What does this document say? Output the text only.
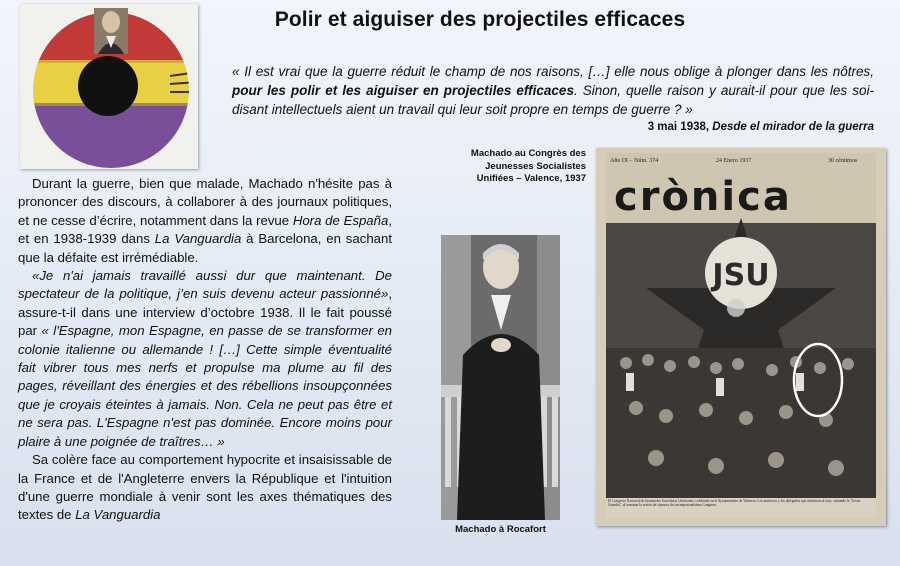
Polir et aiguiser des projectiles efficaces
« Il est vrai que la guerre réduit le champ de nos raisons, […] elle nous oblige à plonger dans les nôtres, pour les polir et les aiguiser en projectiles efficaces. Sinon, quelle raison y aurait-il pour que les soi-disant intellectuels aient un travail qui leur soit propre en temps de guerre ? »
3 mai 1938, Desde el mirador de la guerra

Durant la guerre, bien que malade, Machado n'hésite pas à prononcer des discours, à collaborer à des journaux politiques, et ne cesse d’écrire, notamment dans la revue Hora de España, et en 1938-1939 dans La Vanguardia à Barcelona, en sachant que la défaite est irrémédiable.

«Je n'ai jamais travaillé aussi dur que maintenant. De spectateur de la politique, j’en suis devenu acteur passionné», assure-t-il dans une interview d’octobre 1938. Il le fait poussé par « l'Espagne, mon Espagne, en passe de se transformer en colonie italienne ou allemande ! […] Cette simple éventualité fait vibrer tous mes nerfs et propulse ma plume au fil des pages, réveillant des énergies et des rébellions insoupçonnées que je croyais éteintes à jamais. Non. Cela ne peut pas être et ne sera pas. L'Espagne n'est pas dominée. Encore moins pour plaire à une poignée de traîtres… »

Sa colère face au comportement hypocrite et insaisissable de la France et de l'Angleterre envers la République et l'intuition d'une guerre mondiale à venir sont les axes thématiques des textes de La Vanguardia

Machado à Rocafort
Machado au Congrès des Jeunesses Socialistes Unifiées – Valence, 1937
Año IX – Núm. 374	24 Enero 1937	30 céntimos
crònica
JSU
El Congreso Nacional de Juventudes Socialistas Unificadas, celebrado en el Ayuntamiento de Valencia. Los ministros y los delegados que asistieron al acto, cantando la "Joven Guardia", al terminar la sesión de clausura de tan importantísimo Congreso.
